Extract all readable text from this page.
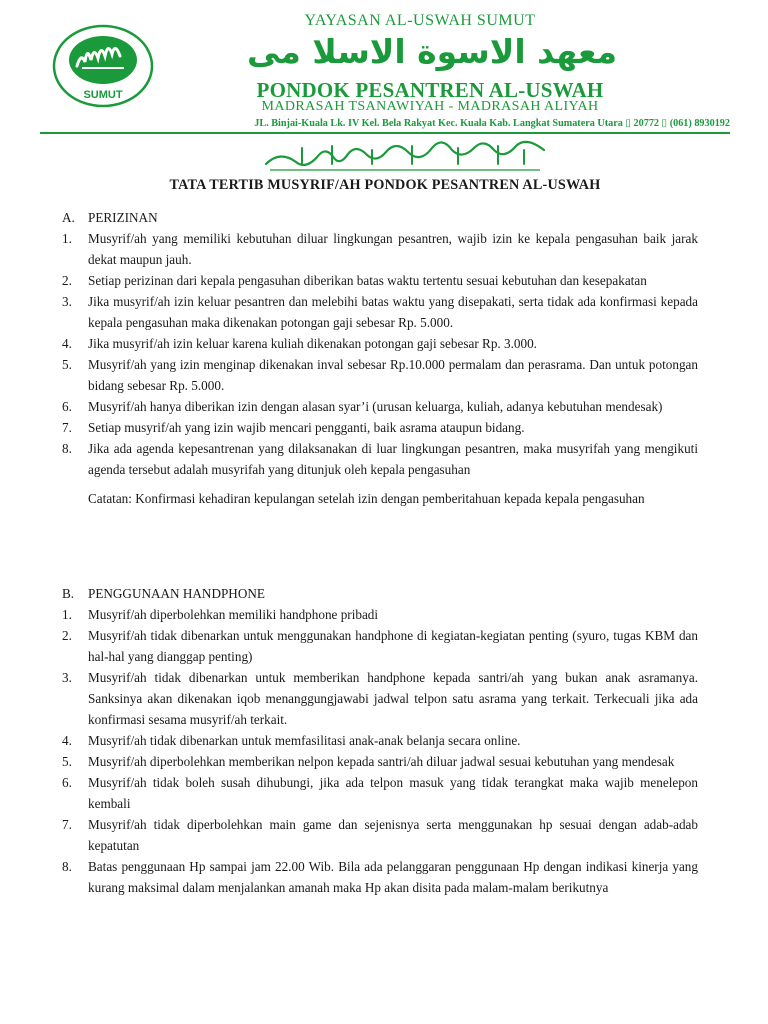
SUMUT
YAYASAN AL-USWAH SUMUT
معهد الاسوة الاسلا مى
PONDOK PESANTREN AL-USWAH
MADRASAH TSANAWIYAH - MADRASAH ALIYAH
JL. Binjai-Kuala Lk. IV Kel. Bela Rakyat Kec. Kuala Kab. Langkat Sumatera Utara ▯ 20772 ▯ (061) 8930192
TATA TERTIB MUSYRIF/AH PONDOK PESANTREN AL-USWAH
A. PERIZINAN
1.	Musyrif/ah yang memiliki kebutuhan diluar lingkungan pesantren, wajib izin ke kepala pengasuhan baik jarak dekat maupun jauh.
2.	Setiap perizinan dari kepala pengasuhan diberikan batas waktu tertentu sesuai kebutuhan dan kesepakatan
3.	Jika musyrif/ah izin keluar pesantren dan melebihi batas waktu yang disepakati, serta tidak ada konfirmasi kepada kepala pengasuhan maka dikenakan potongan gaji sebesar Rp. 5.000.
4.	Jika musyrif/ah izin keluar karena kuliah dikenakan potongan gaji sebesar Rp. 3.000.
5.	Musyrif/ah yang izin menginap dikenakan inval sebesar Rp.10.000 permalam dan perasrama. Dan untuk potongan bidang sebesar Rp. 5.000.
6.	Musyrif/ah hanya diberikan izin dengan alasan syar’i (urusan keluarga, kuliah, adanya kebutuhan mendesak)
7.	Setiap musyrif/ah yang izin wajib mencari pengganti, baik asrama ataupun bidang.
8.	Jika ada agenda kepesantrenan yang dilaksanakan di luar lingkungan pesantren, maka musyrifah yang mengikuti agenda tersebut adalah musyrifah yang ditunjuk oleh kepala pengasuhan
Catatan: Konfirmasi kehadiran kepulangan setelah izin dengan pemberitahuan kepada kepala pengasuhan
B.	PENGGUNAAN HANDPHONE
1.	Musyrif/ah diperbolehkan memiliki handphone pribadi
2.	Musyrif/ah tidak dibenarkan untuk menggunakan handphone di kegiatan-kegiatan penting (syuro, tugas KBM dan hal-hal yang dianggap penting)
3.	Musyrif/ah tidak dibenarkan untuk memberikan handphone kepada santri/ah yang bukan anak asramanya. Sanksinya akan dikenakan iqob menanggungjawabi jadwal telpon satu asrama yang terkait. Terkecuali jika ada konfirmasi sesama musyrif/ah terkait.
4.	Musyrif/ah tidak dibenarkan untuk memfasilitasi anak-anak belanja secara online.
5.	Musyrif/ah diperbolehkan memberikan nelpon kepada santri/ah diluar jadwal sesuai kebutuhan yang mendesak
6.	Musyrif/ah tidak boleh susah dihubungi, jika ada telpon masuk yang tidak terangkat maka wajib menelepon kembali
7.	Musyrif/ah tidak diperbolehkan main game dan sejenisnya serta menggunakan hp sesuai dengan adab-adab kepatutan
8.	Batas penggunaan Hp sampai jam 22.00 Wib. Bila ada pelanggaran penggunaan Hp dengan indikasi kinerja yang kurang maksimal dalam menjalankan amanah maka Hp akan disita pada malam-malam berikutnya
